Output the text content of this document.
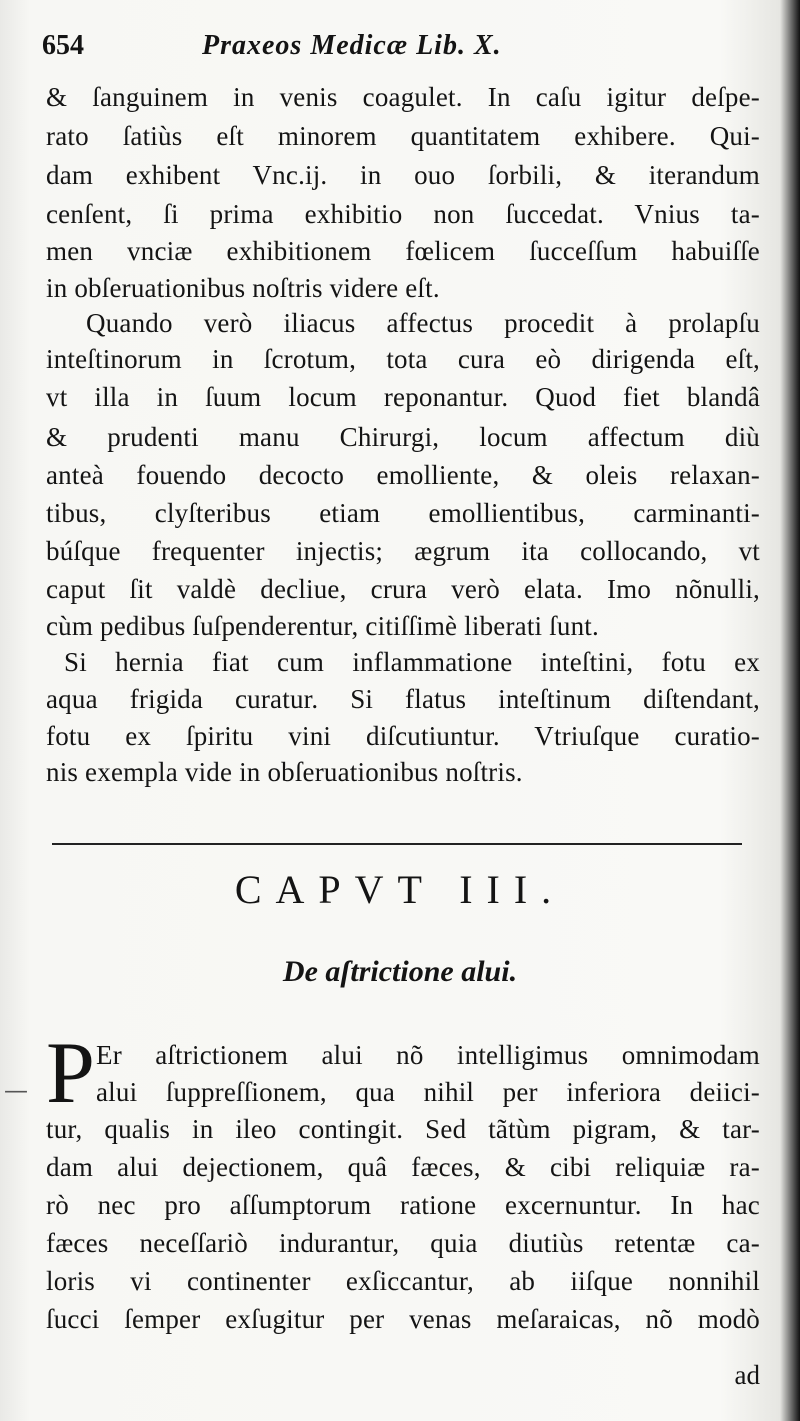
654	Praxeos Medicæ Lib. X.
& ſanguinem in venis coagulet. In caſu igitur deſpe-
rato ſatiùs eſt minorem quantitatem exhibere. Qui-
dam exhibent Vnc.ij. in ouo ſorbili, & iterandum
cenſent, ſi prima exhibitio non ſuccedat. Vnius ta-
men vnciæ exhibitionem fœlicem ſucceſſum habuiſſe
in obſeruationibus noſtris videre eſt.
Quando verò iliacus affectus procedit à prolapſu
inteſtinorum in ſcrotum, tota cura eò dirigenda eſt,
vt illa in ſuum locum reponantur. Quod fiet blandâ
& prudenti manu Chirurgi, locum affectum diù
anteà fouendo decocto emolliente, & oleis relaxan-
tibus, clyſteribus etiam emollientibus, carminanti-
búſque frequenter injectis; ægrum ita collocando, vt
caput ſit valdè decliue, crura verò elata. Imo nõnulli,
cùm pedibus ſuſpenderentur, citiſſimè liberati ſunt.
Si hernia fiat cum inflammatione inteſtini, fotu ex
aqua frigida curatur. Si flatus inteſtinum diſtendant,
fotu ex ſpiritu vini diſcutiuntur. Vtriuſque curatio-
nis exempla vide in obſeruationibus noſtris.
CAPVT III.
De aſtrictione alui.
P Er aſtrictionem alui nõ intelligimus omnimodam
alui ſuppreſſionem, qua nihil per inferiora deiici-
tur, qualis in ileo contingit. Sed tãtùm pigram, & tar-
dam alui dejectionem, quâ fæces, & cibi reliquiæ ra-
rò nec pro aſſumptorum ratione excernuntur. In hac
fæces neceſſariò indurantur, quia diutiùs retentæ ca-
loris vi continenter exſiccantur, ab iiſque nonnihil
ſucci ſemper exſugitur per venas meſaraicas, nõ modò
ad
—
